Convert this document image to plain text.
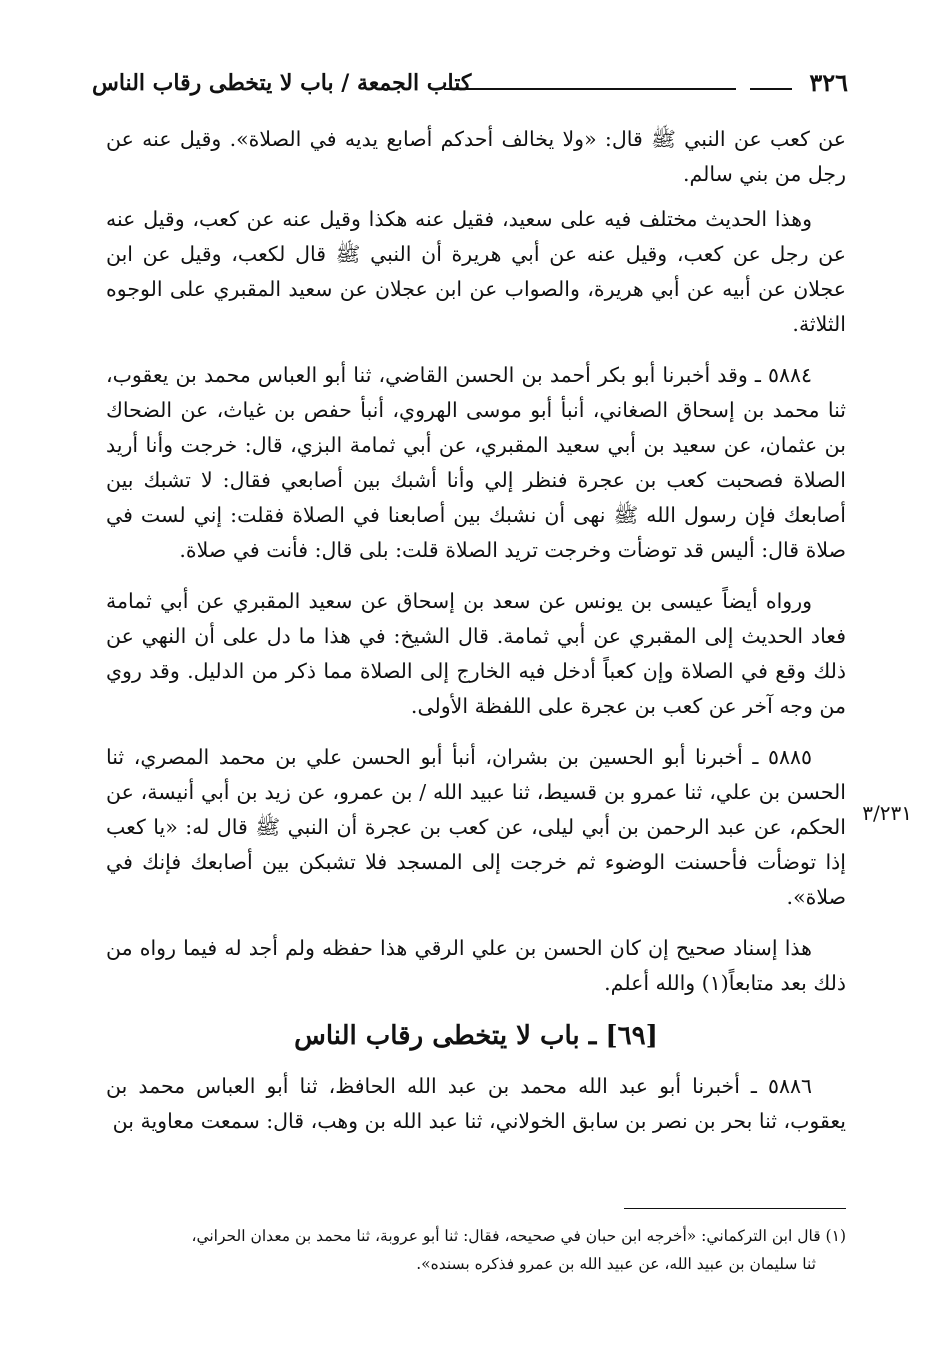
٣٢٦
كتاب الجمعة / باب لا يتخطى رقاب الناس

عن كعب عن النبي ﷺ قال: «ولا يخالف أحدكم أصابع يديه في الصلاة». وقيل عنه عن رجل من بني سالم.

وهذا الحديث مختلف فيه على سعيد، فقيل عنه هكذا وقيل عنه عن كعب، وقيل عنه عن رجل عن كعب، وقيل عنه عن أبي هريرة أن النبي ﷺ قال لكعب، وقيل عن ابن عجلان عن أبيه عن أبي هريرة، والصواب عن ابن عجلان عن سعيد المقبري على الوجوه الثلاثة.

٥٨٨٤ ـ وقد أخبرنا أبو بكر أحمد بن الحسن القاضي، ثنا أبو العباس محمد بن يعقوب، ثنا محمد بن إسحاق الصغاني، أنبأ أبو موسى الهروي، أنبأ حفص بن غياث، عن الضحاك بن عثمان، عن سعيد بن أبي سعيد المقبري، عن أبي ثمامة البزي، قال: خرجت وأنا أريد الصلاة فصحبت كعب بن عجرة فنظر إلي وأنا أشبك بين أصابعي فقال: لا تشبك بين أصابعك فإن رسول الله ﷺ نهى أن نشبك بين أصابعنا في الصلاة فقلت: إني لست في صلاة قال: أليس قد توضأت وخرجت تريد الصلاة قلت: بلى قال: فأنت في صلاة.

ورواه أيضاً عيسى بن يونس عن سعد بن إسحاق عن سعيد المقبري عن أبي ثمامة فعاد الحديث إلى المقبري عن أبي ثمامة. قال الشيخ: في هذا ما دل على أن النهي عن ذلك وقع في الصلاة وإن كعباً أدخل فيه الخارج إلى الصلاة مما ذكر من الدليل. وقد روي من وجه آخر عن كعب بن عجرة على اللفظة الأولى.

٥٨٨٥ ـ أخبرنا أبو الحسين بن بشران، أنبأ أبو الحسن علي بن محمد المصري، ثنا الحسن بن علي، ثنا عمرو بن قسيط، ثنا عبيد الله / بن عمرو، عن زيد بن أبي أنيسة، عن الحكم، عن عبد الرحمن بن أبي ليلى، عن كعب بن عجرة أن النبي ﷺ قال له: «يا كعب إذا توضأت فأحسنت الوضوء ثم خرجت إلى المسجد فلا تشبكن بين أصابعك فإنك في صلاة».

٣/٢٣١

هذا إسناد صحيح إن كان الحسن بن علي الرقي هذا حفظه ولم أجد له فيما رواه من ذلك بعد متابعاً(١) والله أعلم.

[٦٩] ـ باب لا يتخطى رقاب الناس

٥٨٨٦ ـ أخبرنا أبو عبد الله محمد بن عبد الله الحافظ، ثنا أبو العباس محمد بن يعقوب، ثنا بحر بن نصر بن سابق الخولاني، ثنا عبد الله بن وهب، قال: سمعت معاوية بن

(١) قال ابن التركماني: «أخرجه ابن حبان في صحيحه، فقال: ثنا أبو عروبة، ثنا محمد بن معدان الحراني،

ثنا سليمان بن عبيد الله، عن عبيد الله بن عمرو فذكره بسنده».
